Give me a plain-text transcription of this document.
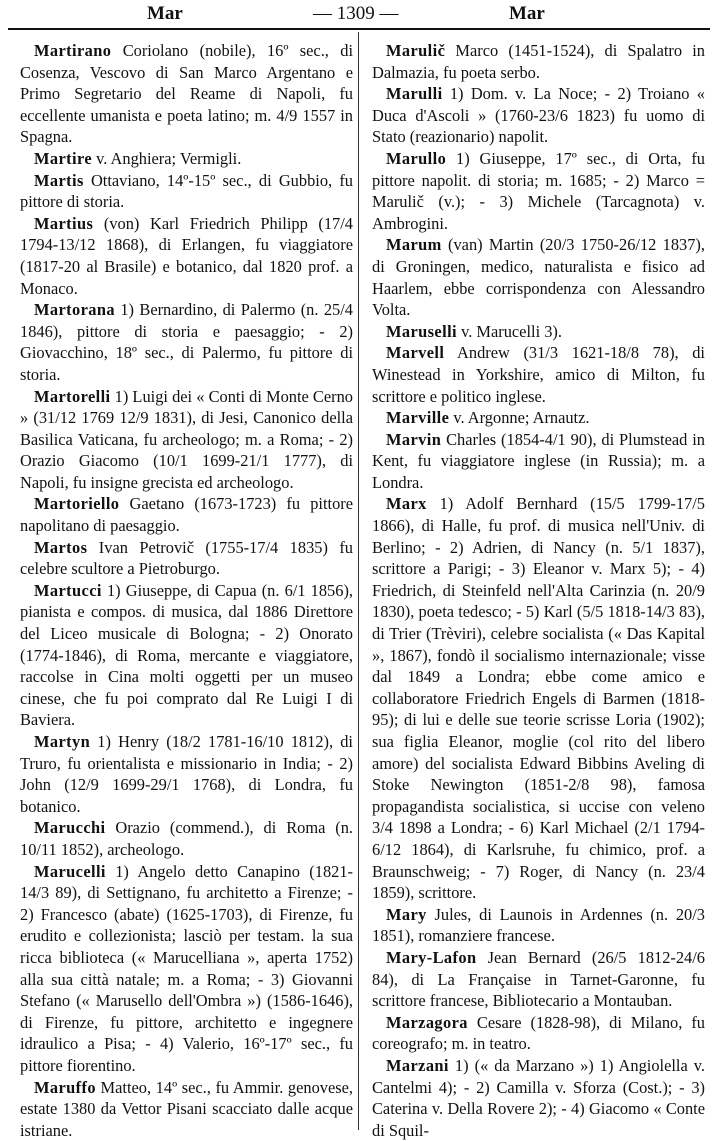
Mar	— 1309 —	Mar

Martirano Coriolano (nobile), 16º sec., di Cosenza, Vescovo di San Marco Argentano e Primo Segretario del Reame di Napoli, fu eccellente umanista e poeta latino; m. 4/9 1557 in Spagna.

Martire v. Anghiera; Vermigli.

Martis Ottaviano, 14º-15º sec., di Gubbio, fu pittore di storia.

Martius (von) Karl Friedrich Philipp (17/4 1794-13/12 1868), di Erlangen, fu viaggiatore (1817-20 al Brasile) e botanico, dal 1820 prof. a Monaco.

Martorana 1) Bernardino, di Palermo (n. 25/4 1846), pittore di storia e paesaggio; - 2) Giovacchino, 18º sec., di Palermo, fu pittore di storia.

Martorelli 1) Luigi dei « Conti di Monte Cerno » (31/12 1769 12/9 1831), di Jesi, Canonico della Basilica Vaticana, fu archeologo; m. a Roma; - 2) Orazio Giacomo (10/1 1699-21/1 1777), di Napoli, fu insigne grecista ed archeologo.

Martoriello Gaetano (1673-1723) fu pittore napolitano di paesaggio.

Martos Ivan Petrovič (1755-17/4 1835) fu celebre scultore a Pietroburgo.

Martucci 1) Giuseppe, di Capua (n. 6/1 1856), pianista e compos. di musica, dal 1886 Direttore del Liceo musicale di Bologna; - 2) Onorato (1774-1846), di Roma, mercante e viaggiatore, raccolse in Cina molti oggetti per un museo cinese, che fu poi comprato dal Re Luigi I di Baviera.

Martyn 1) Henry (18/2 1781-16/10 1812), di Truro, fu orientalista e missionario in India; - 2) John (12/9 1699-29/1 1768), di Londra, fu botanico.

Marucchi Orazio (commend.), di Roma (n. 10/11 1852), archeologo.

Marucelli 1) Angelo detto Canapino (1821-14/3 89), di Settignano, fu architetto a Firenze; - 2) Francesco (abate) (1625-1703), di Firenze, fu erudito e collezionista; lasciò per testam. la sua ricca biblioteca (« Marucelliana », aperta 1752) alla sua città natale; m. a Roma; - 3) Giovanni Stefano (« Marusello dell'Ombra ») (1586-1646), di Firenze, fu pittore, architetto e ingegnere idraulico a Pisa; - 4) Valerio, 16º-17º sec., fu pittore fiorentino.

Maruffo Matteo, 14º sec., fu Ammir. genovese, estate 1380 da Vettor Pisani scacciato dalle acque istriane.

Marulič Marco (1451-1524), di Spalatro in Dalmazia, fu poeta serbo.

Marulli 1) Dom. v. La Noce; - 2) Troiano « Duca d'Ascoli » (1760-23/6 1823) fu uomo di Stato (reazionario) napolit.

Marullo 1) Giuseppe, 17º sec., di Orta, fu pittore napolit. di storia; m. 1685; - 2) Marco = Marulič (v.); - 3) Michele (Tarcagnota) v. Ambrogini.

Marum (van) Martin (20/3 1750-26/12 1837), di Groningen, medico, naturalista e fisico ad Haarlem, ebbe corrispondenza con Alessandro Volta.

Maruselli v. Marucelli 3).

Marvell Andrew (31/3 1621-18/8 78), di Winestead in Yorkshire, amico di Milton, fu scrittore e politico inglese.

Marville v. Argonne; Arnautz.

Marvin Charles (1854-4/1 90), di Plumstead in Kent, fu viaggiatore inglese (in Russia); m. a Londra.

Marx 1) Adolf Bernhard (15/5 1799-17/5 1866), di Halle, fu prof. di musica nell'Univ. di Berlino; - 2) Adrien, di Nancy (n. 5/1 1837), scrittore a Parigi; - 3) Eleanor v. Marx 5); - 4) Friedrich, di Steinfeld nell'Alta Carinzia (n. 20/9 1830), poeta tedesco; - 5) Karl (5/5 1818-14/3 83), di Trier (Trèviri), celebre socialista (« Das Kapital », 1867), fondò il socialismo internazionale; visse dal 1849 a Londra; ebbe come amico e collaboratore Friedrich Engels di Barmen (1818-95); di lui e delle sue teorie scrisse Loria (1902); sua figlia Eleanor, moglie (col rito del libero amore) del socialista Edward Bibbins Aveling di Stoke Newington (1851-2/8 98), famosa propagandista socialistica, si uccise con veleno 3/4 1898 a Londra; - 6) Karl Michael (2/1 1794-6/12 1864), di Karlsruhe, fu chimico, prof. a Braunschweig; - 7) Roger, di Nancy (n. 23/4 1859), scrittore.

Mary Jules, di Launois in Ardennes (n. 20/3 1851), romanziere francese.

Mary-Lafon Jean Bernard (26/5 1812-24/6 84), di La Française in Tarnet-Garonne, fu scrittore francese, Bibliotecario a Montauban.

Marzagora Cesare (1828-98), di Milano, fu coreografo; m. in teatro.

Marzani 1) (« da Marzano ») 1) Angiolella v. Cantelmi 4); - 2) Camilla v. Sforza (Cost.); - 3) Caterina v. Della Rovere 2); - 4) Giacomo « Conte di Squil-
